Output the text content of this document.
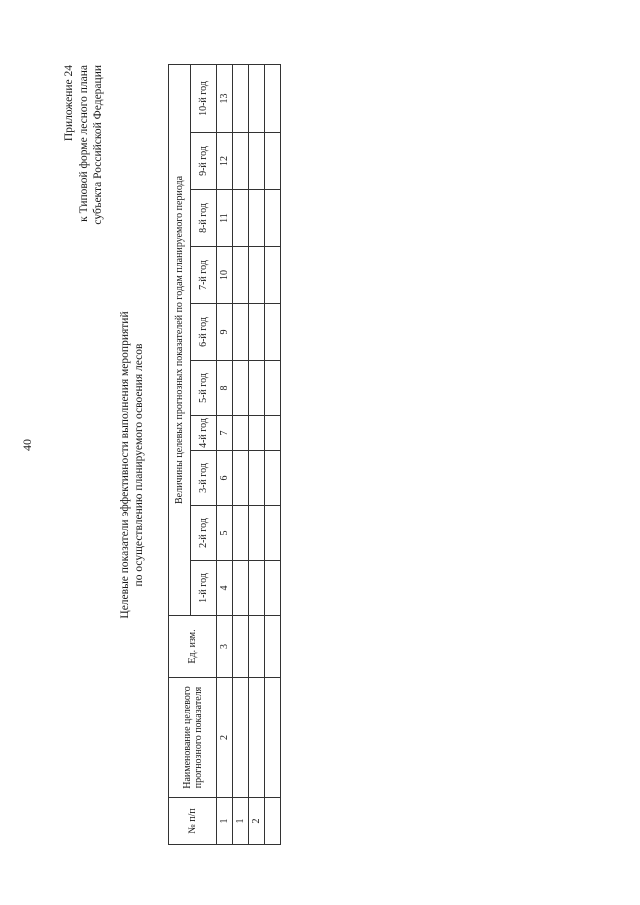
40
Приложение 24 к Типовой форме лесного плана субъекта Российской Федерации
Целевые показатели эффективности выполнения мероприятий по осуществлению планируемого освоения лесов
№ п/п	Наименование целевого прогнозного показателя	Ед. изм.	Величины целевых прогнозных показателей по годам планируемого периода									
			1-й год	2-й год	3-й год	4-й год	5-й год	6-й год	7-й год	8-й год	9-й год	10-й год
1	2	3	4	5	6	7	8	9	10	11	12	13
1												
2												
